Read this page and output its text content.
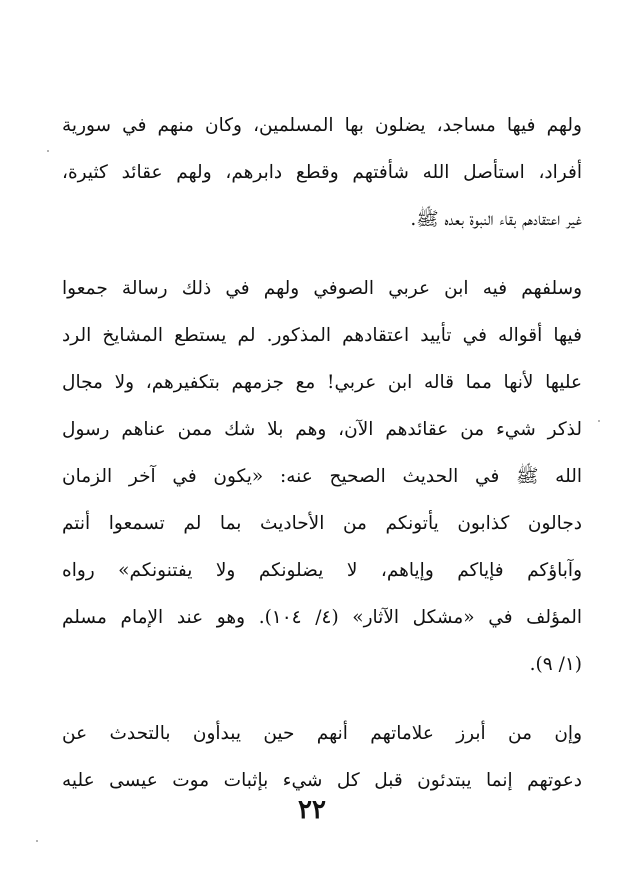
ولهم فيها مساجد، يضلون بها المسلمين، وكان منهم في سورية
أفراد، استأصل الله شأفتهم وقطع دابرهم، ولهم عقائد كثيرة،
غير اعتقادهم بقاء النبوة بعده ﷺ.
وسلفهم فيه ابن عربي الصوفي ولهم في ذلك رسالة جمعوا
فيها أقواله في تأييد اعتقادهم المذكور. لم يستطع المشايخ الرد
عليها لأنها مما قاله ابن عربي! مع جزمهم بتكفيرهم، ولا مجال
لذكر شيء من عقائدهم الآن، وهم بلا شك ممن عناهم رسول
الله ﷺ في الحديث الصحيح عنه: «يكون في آخر الزمان
دجالون كذابون يأتونكم من الأحاديث بما لم تسمعوا أنتم
وآباؤكم فإياكم وإياهم، لا يضلونكم ولا يفتنونكم» رواه
المؤلف في «مشكل الآثار» (٤/ ١٠٤). وهو عند الإمام مسلم
(١/ ٩).
وإن من أبرز علاماتهم أنهم حين يبدأون بالتحدث عن
دعوتهم إنما يبتدئون قبل كل شيء بإثبات موت عيسى عليه
٢٢
